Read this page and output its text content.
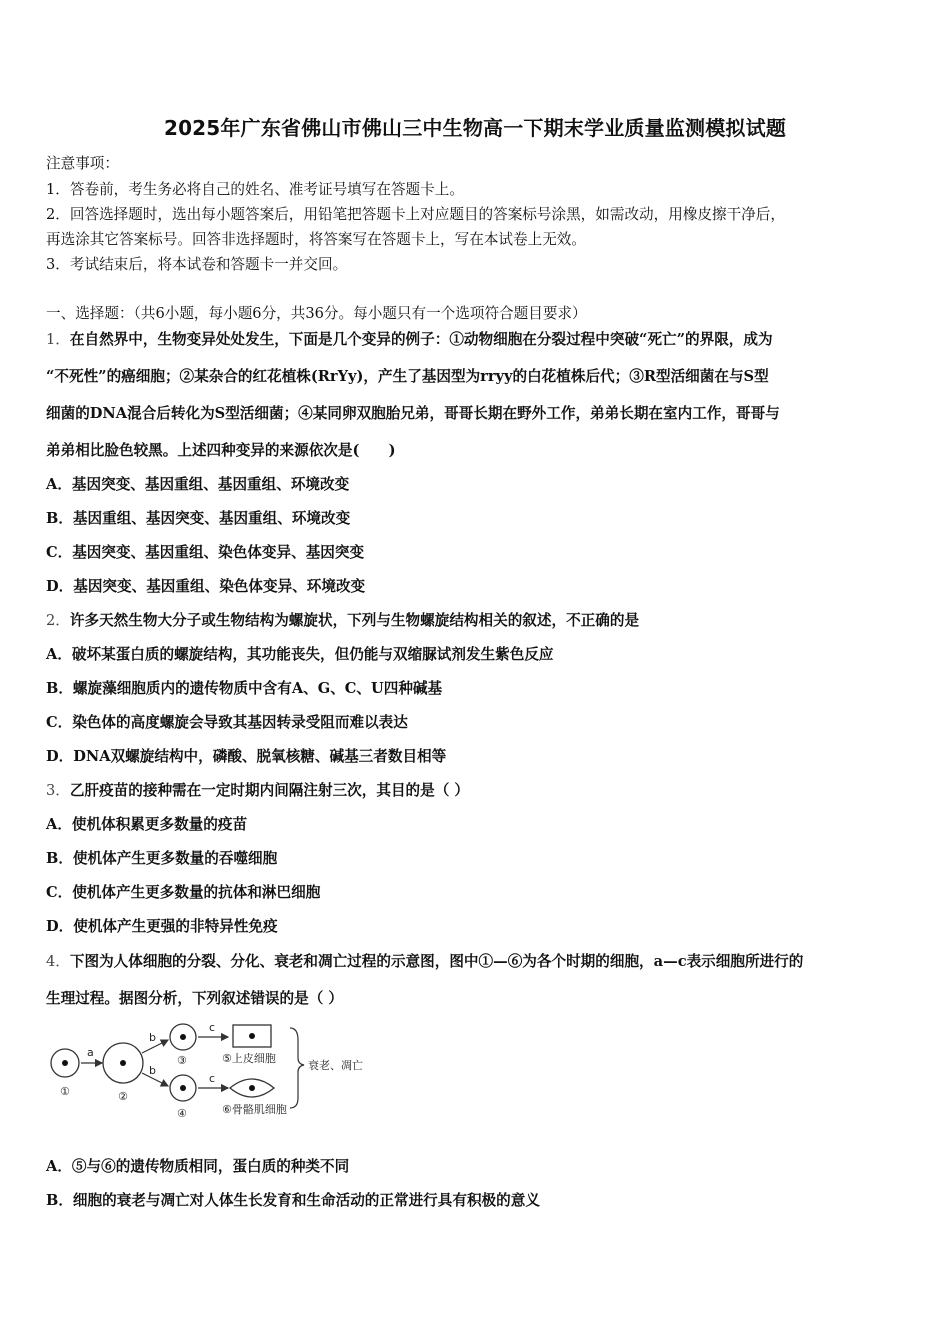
2025年广东省佛山市佛山三中生物高一下期末学业质量监测模拟试题
注意事项：
1．答卷前，考生务必将自己的姓名、准考证号填写在答题卡上。
2．回答选择题时，选出每小题答案后，用铅笔把答题卡上对应题目的答案标号涂黑，如需改动，用橡皮擦干净后，
再选涂其它答案标号。回答非选择题时，将答案写在答题卡上，写在本试卷上无效。
3．考试结束后，将本试卷和答题卡一并交回。
一、选择题：（共6小题，每小题6分，共36分。每小题只有一个选项符合题目要求）
1．在自然界中，生物变异处处发生，下面是几个变异的例子：①动物细胞在分裂过程中突破“死亡”的界限，成为
“不死性”的癌细胞；②某杂合的红花植株(RrYy)，产生了基因型为rryy的白花植株后代；③R型活细菌在与S型
细菌的DNA混合后转化为S型活细菌；④某同卵双胞胎兄弟，哥哥长期在野外工作，弟弟长期在室内工作，哥哥与
弟弟相比脸色较黑。上述四种变异的来源依次是(　　)
A．基因突变、基因重组、基因重组、环境改变
B．基因重组、基因突变、基因重组、环境改变
C．基因突变、基因重组、染色体变异、基因突变
D．基因突变、基因重组、染色体变异、环境改变
2．许多天然生物大分子或生物结构为螺旋状，下列与生物螺旋结构相关的叙述，不正确的是
A．破坏某蛋白质的螺旋结构，其功能丧失，但仍能与双缩脲试剂发生紫色反应
B．螺旋藻细胞质内的遗传物质中含有A、G、C、U四种碱基
C．染色体的高度螺旋会导致其基因转录受阻而难以表达
D．DNA双螺旋结构中，磷酸、脱氧核糖、碱基三者数目相等
3．乙肝疫苗的接种需在一定时期内间隔注射三次，其目的是（ ）
A．使机体积累更多数量的疫苗
B．使机体产生更多数量的吞噬细胞
C．使机体产生更多数量的抗体和淋巴细胞
D．使机体产生更强的非特异性免疫
4．下图为人体细胞的分裂、分化、衰老和凋亡过程的示意图，图中①—⑥为各个时期的细胞，a—c表示细胞所进行的
生理过程。据图分析，下列叙述错误的是（ ）
①
a
②
b
b
③
④
c
c
⑤上皮细胞
⑥骨骼肌细胞
衰老、凋亡
A．⑤与⑥的遗传物质相同，蛋白质的种类不同
B．细胞的衰老与凋亡对人体生长发育和生命活动的正常进行具有积极的意义
